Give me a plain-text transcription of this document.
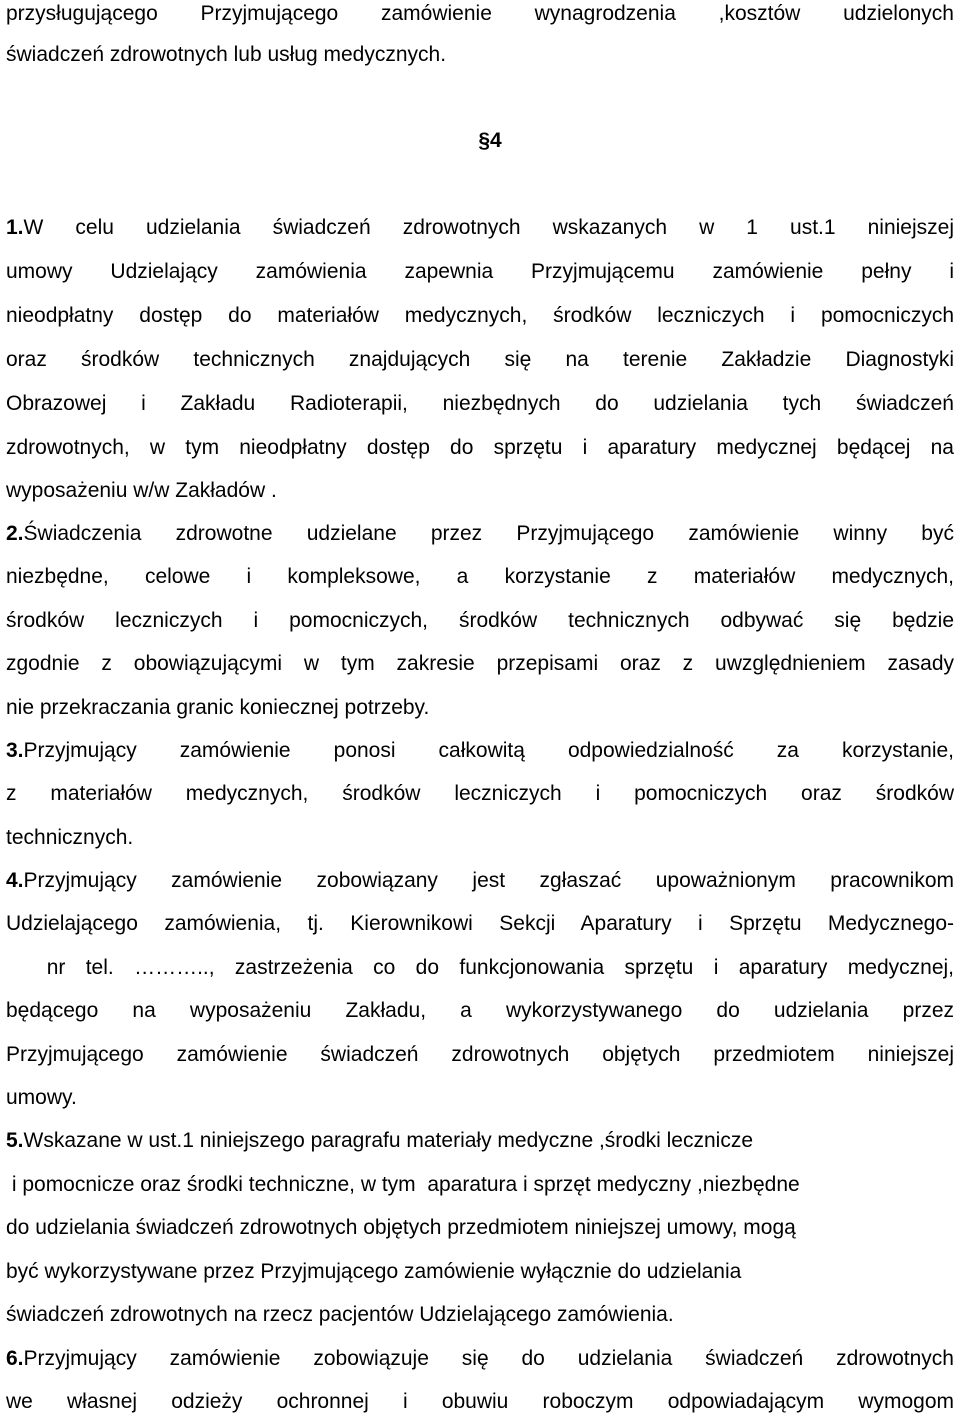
przysługującego Przyjmującego zamówienie wynagrodzenia ,kosztów udzielonych
świadczeń zdrowotnych lub usług medycznych.
§4
1.W celu udzielania świadczeń zdrowotnych wskazanych w 1 ust.1 niniejszej
umowy Udzielający zamówienia zapewnia Przyjmującemu zamówienie pełny i
nieodpłatny dostęp do materiałów medycznych, środków leczniczych i pomocniczych
oraz środków technicznych znajdujących się na terenie Zakładzie Diagnostyki
Obrazowej i Zakładu Radioterapii, niezbędnych do udzielania tych świadczeń
zdrowotnych, w tym nieodpłatny dostęp do sprzętu i aparatury medycznej będącej na
wyposażeniu w/w Zakładów .
2.Świadczenia zdrowotne udzielane przez Przyjmującego zamówienie winny być
niezbędne, celowe i kompleksowe, a korzystanie z materiałów medycznych,
środków leczniczych i pomocniczych, środków technicznych odbywać się będzie
zgodnie z obowiązującymi w tym zakresie przepisami oraz z uwzględnieniem zasady
nie przekraczania granic koniecznej potrzeby.
3.Przyjmujący zamówienie ponosi całkowitą odpowiedzialność za korzystanie,
z materiałów medycznych, środków leczniczych i pomocniczych oraz środków
technicznych.
4.Przyjmujący zamówienie zobowiązany jest zgłaszać upoważnionym pracownikom
Udzielającego zamówienia, tj. Kierownikowi Sekcji Aparatury i Sprzętu Medycznego-
nr tel. ……….., zastrzeżenia co do funkcjonowania sprzętu i aparatury medycznej,
będącego na wyposażeniu Zakładu, a wykorzystywanego do udzielania przez
Przyjmującego zamówienie świadczeń zdrowotnych objętych przedmiotem niniejszej
umowy.
5.Wskazane w ust.1 niniejszego paragrafu materiały medyczne ,środki lecznicze
i pomocnicze oraz środki techniczne, w tym  aparatura i sprzęt medyczny ,niezbędne
do udzielania świadczeń zdrowotnych objętych przedmiotem niniejszej umowy, mogą
być wykorzystywane przez Przyjmującego zamówienie wyłącznie do udzielania
świadczeń zdrowotnych na rzecz pacjentów Udzielającego zamówienia.
6.Przyjmujący zamówienie zobowiązuje się do udzielania świadczeń zdrowotnych
we własnej odzieży ochronnej i obuwiu roboczym odpowiadającym wymogom
